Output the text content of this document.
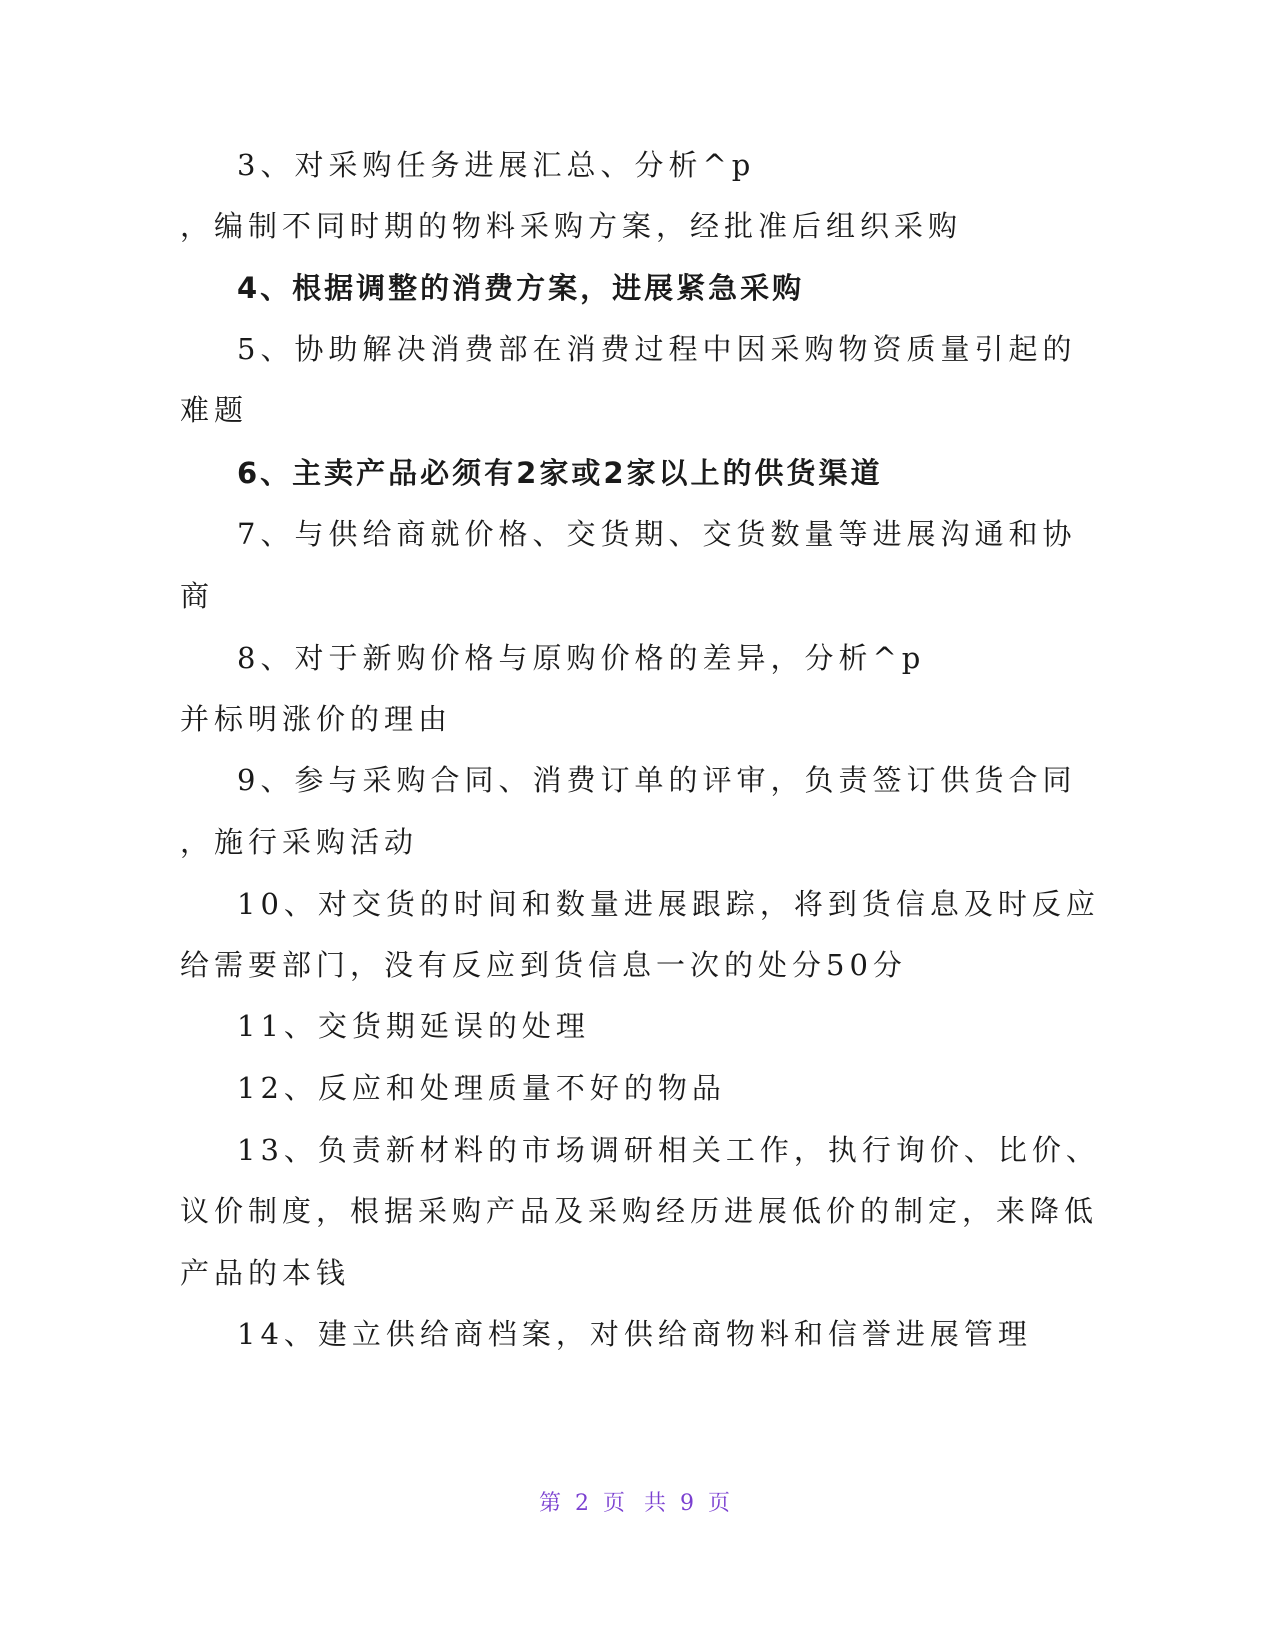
3、对采购任务进展汇总、分析^p
，编制不同时期的物料采购方案，经批准后组织采购
4、根据调整的消费方案，进展紧急采购
5、协助解决消费部在消费过程中因采购物资质量引起的
难题
6、主卖产品必须有2家或2家以上的供货渠道
7、与供给商就价格、交货期、交货数量等进展沟通和协
商
8、对于新购价格与原购价格的差异，分析^p
并标明涨价的理由
9、参与采购合同、消费订单的评审，负责签订供货合同
，施行采购活动
10、对交货的时间和数量进展跟踪，将到货信息及时反应
给需要部门，没有反应到货信息一次的处分50分
11、交货期延误的处理
12、反应和处理质量不好的物品
13、负责新材料的市场调研相关工作，执行询价、比价、
议价制度，根据采购产品及采购经历进展低价的制定，来降低
产品的本钱
14、建立供给商档案，对供给商物料和信誉进展管理
第 2 页 共 9 页
